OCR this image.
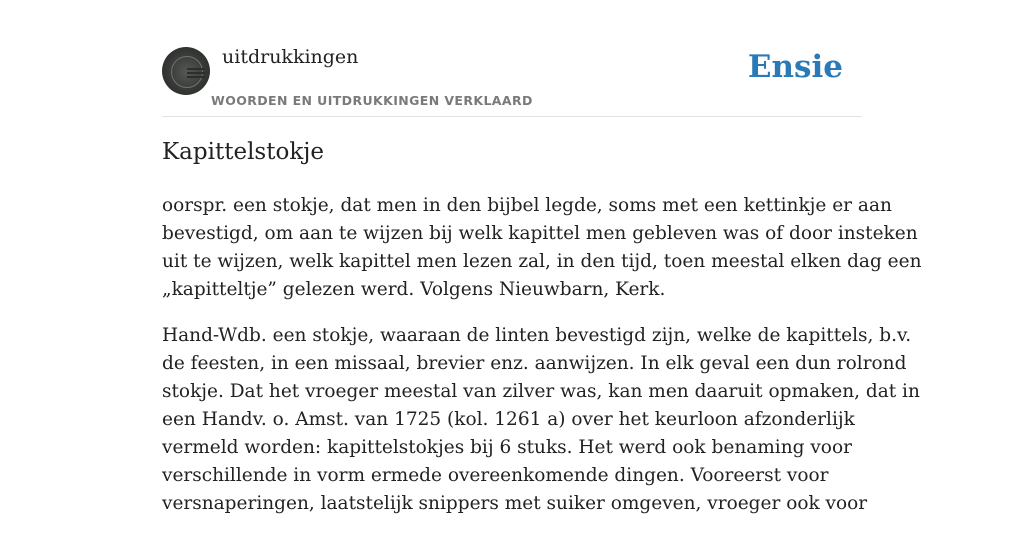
uitdrukkingen
WOORDEN EN UITDRUKKINGEN VERKLAARD
Ensie
Kapittelstokje

oorspr. een stokje, dat men in den bijbel legde, soms met een kettinkje er aan
bevestigd, om aan te wijzen bij welk kapittel men gebleven was of door insteken
uit te wijzen, welk kapittel men lezen zal, in den tijd, toen meestal elken dag een
„kapitteltje” gelezen werd. Volgens Nieuwbarn, Kerk.

Hand-Wdb. een stokje, waaraan de linten bevestigd zijn, welke de kapittels, b.v.
de feesten, in een missaal, brevier enz. aanwijzen. In elk geval een dun rolrond
stokje. Dat het vroeger meestal van zilver was, kan men daaruit opmaken, dat in
een Handv. o. Amst. van 1725 (kol. 1261 a) over het keurloon afzonderlijk
vermeld worden: kapittelstokjes bij 6 stuks. Het werd ook benaming voor
verschillende in vorm ermede overeenkomende dingen. Vooreerst voor
versnaperingen, laatstelijk snippers met suiker omgeven, vroeger ook voor
